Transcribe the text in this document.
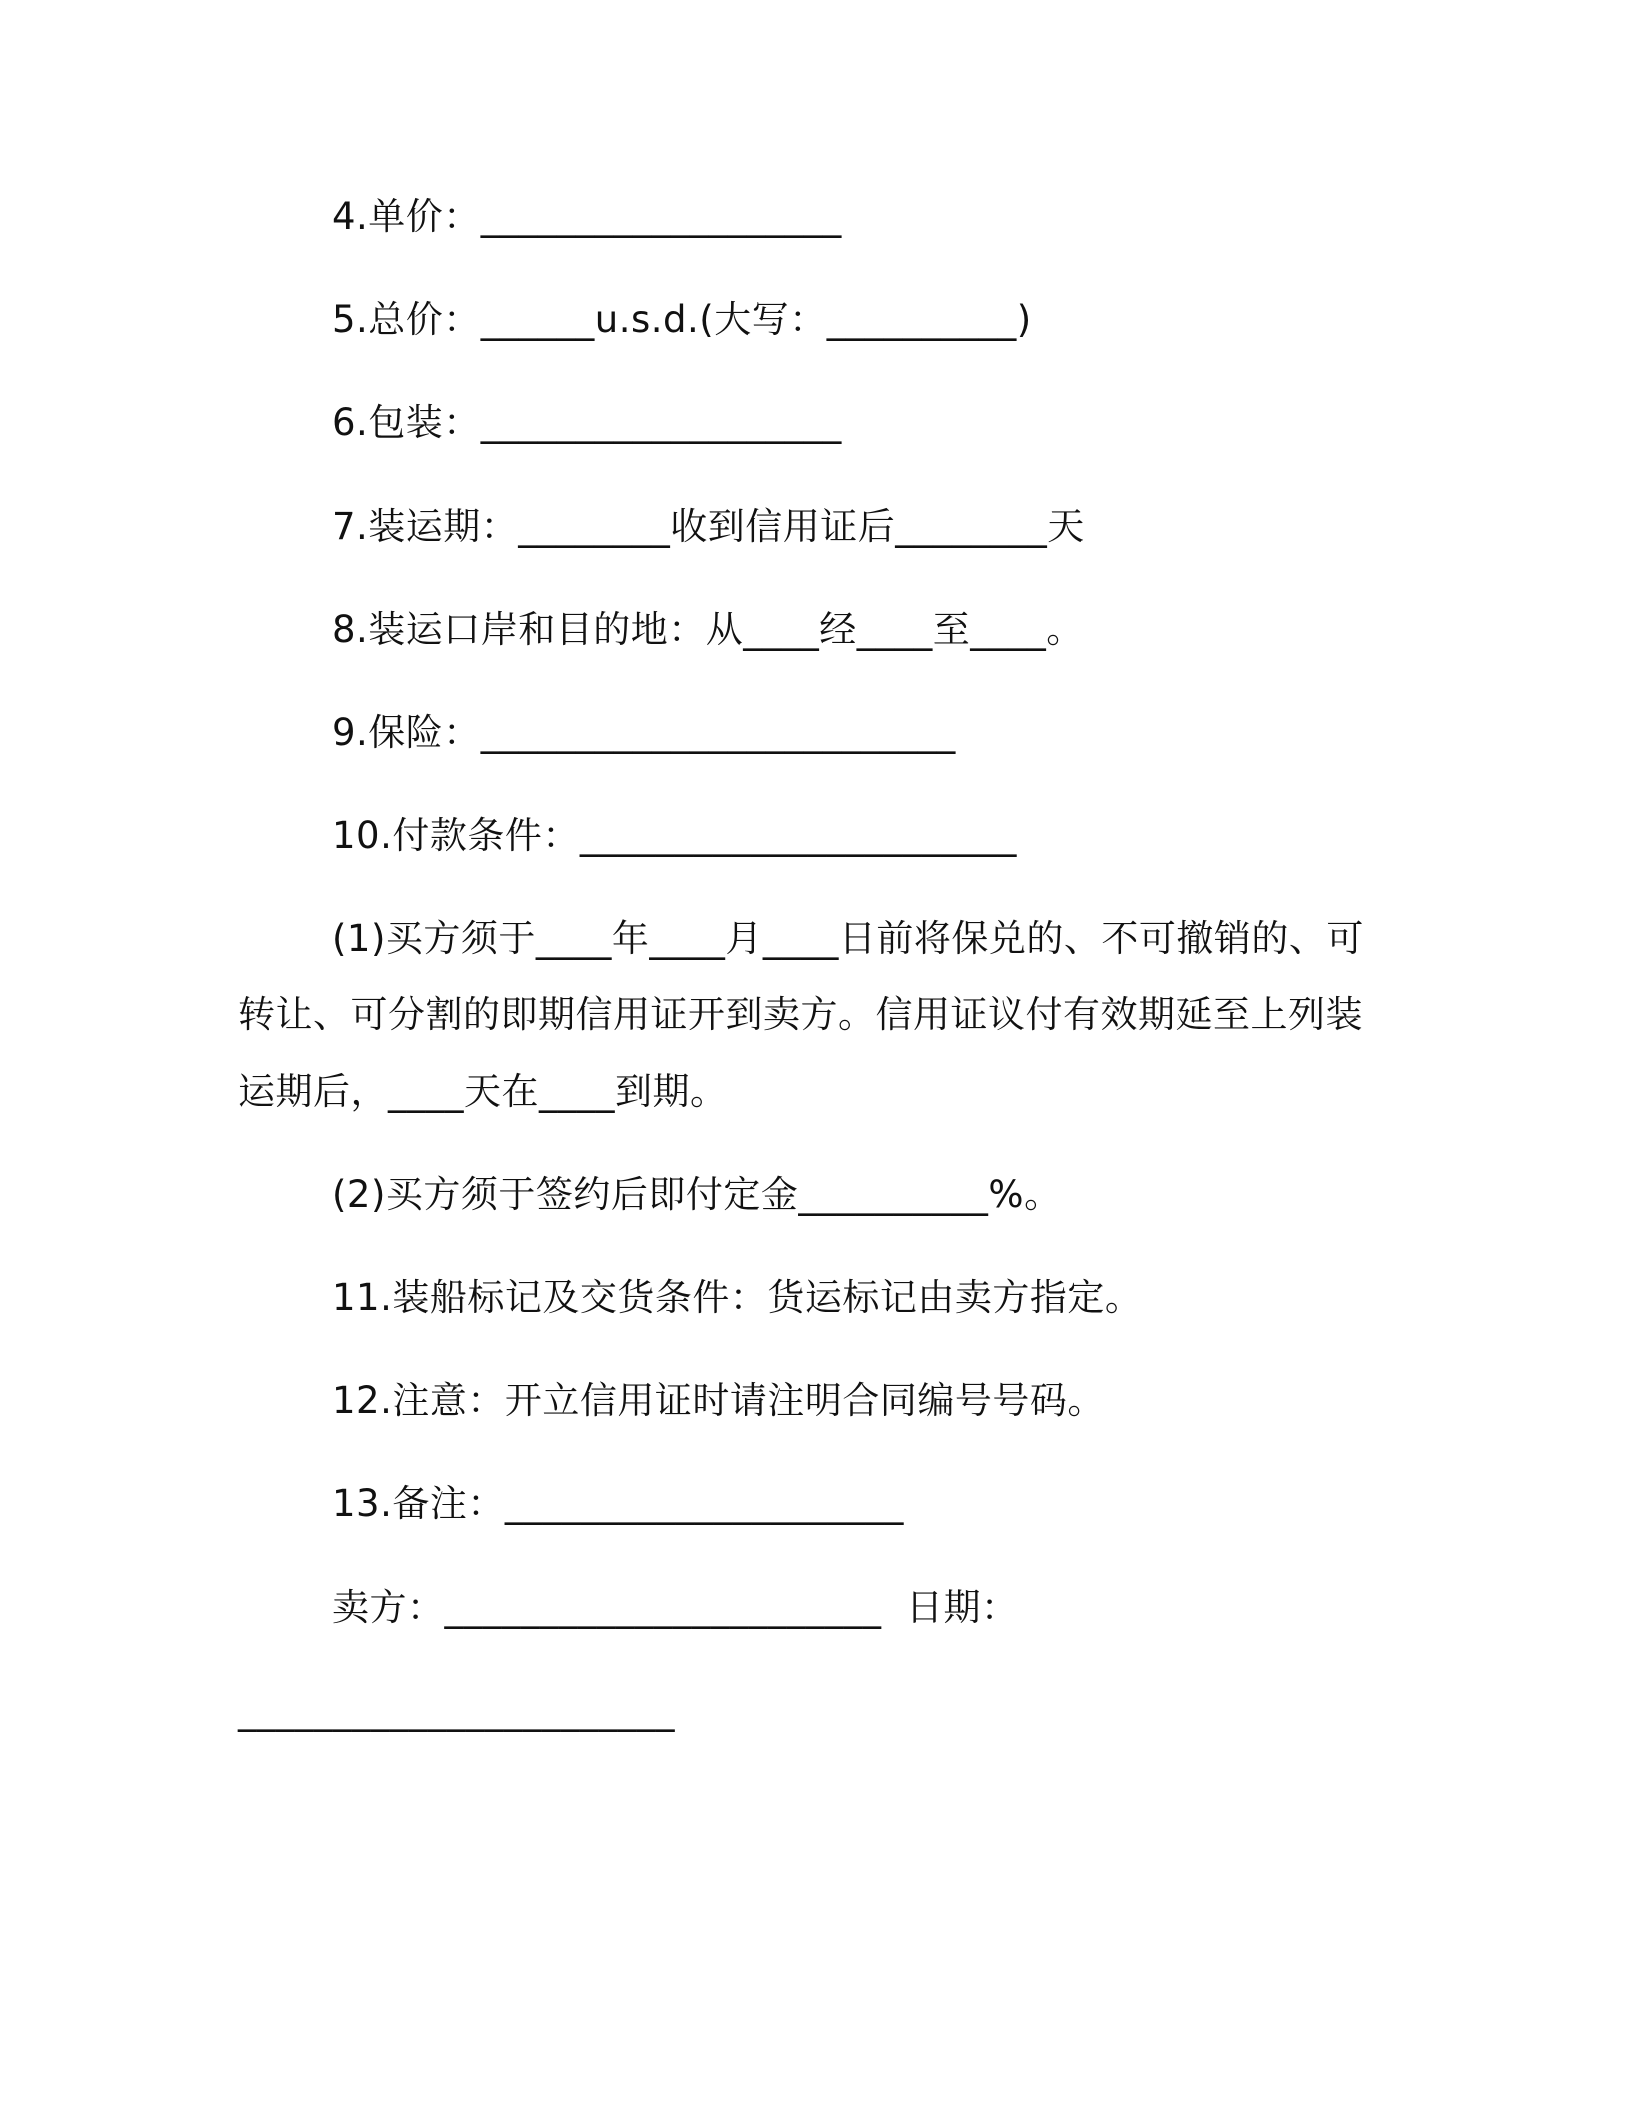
4.单价：___________________
5.总价：______u.s.d.(大写：__________)
6.包装：___________________
7.装运期：________收到信用证后________天
8.装运口岸和目的地：从____经____至____。
9.保险：_________________________
10.付款条件：_______________________
(1)买方须于____年____月____日前将保兑的、不可撤销的、可
转让、可分割的即期信用证开到卖方。信用证议付有效期延至上列装
运期后，____天在____到期。
(2)买方须于签约后即付定金__________%。
11.装船标记及交货条件：货运标记由卖方指定。
12.注意：开立信用证时请注明合同编号号码。
13.备注：_____________________
卖方：_______________________  日期：
_______________________
